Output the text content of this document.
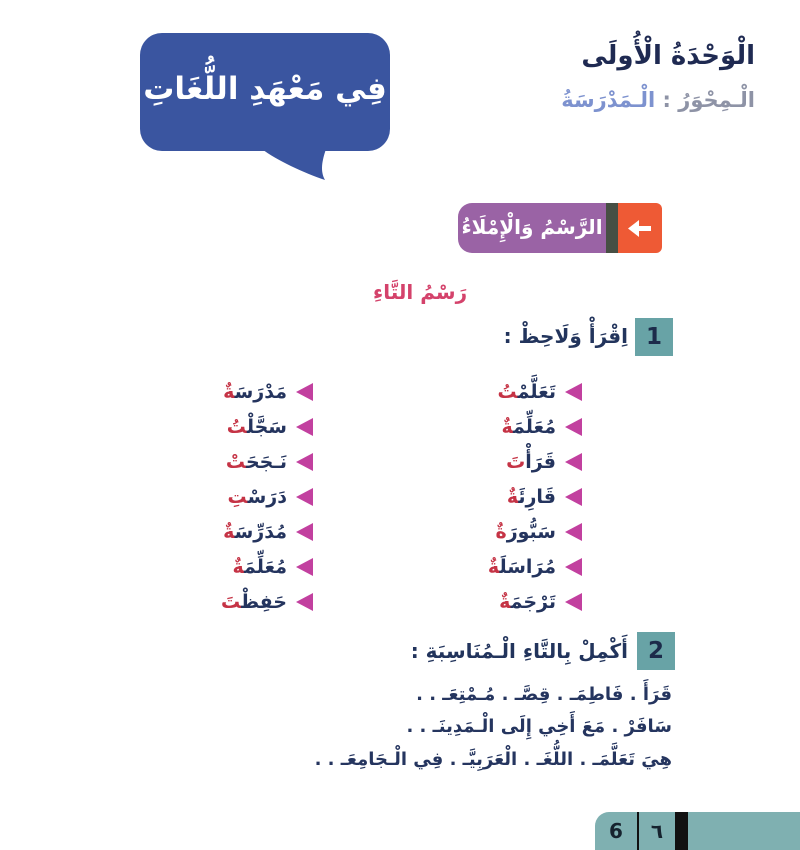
فِي مَعْهَدِ اللُّغَاتِ
الْوَحْدَةُ الْأُولَى
الْـمِحْوَرُ : الْـمَدْرَسَةُ
الرَّسْمُ وَالْإِمْلَاءُ
رَسْمُ التَّاءِ
1
اِقْرَأْ وَلَاحِظْ :
تَعَلَّمْ‍‍تُ
مُعَلِّمَ‍‍ةٌ
قَرَأْتَ
قَارِئَ‍‍ةٌ
سَبُّورَةٌ
مُرَاسَلَ‍‍ةٌ
تَرْجَمَ‍‍ةٌ
مَدْرَسَ‍‍ةٌ
سَجَّلْ‍‍تُ
نَـجَحَ‍‍تْ
دَرَسْ‍‍تِ
مُدَرِّسَ‍‍ةٌ
مُعَلِّمَ‍‍ةٌ
حَفِظْ‍‍تَ
2
أَكْمِلْ بِالتَّاءِ الْـمُنَاسِبَةِ :
قَرَأَ . فَاطِمَـ . قِصَّـ . مُـمْتِعَـ . .
سَافَرْ . مَعَ أَخِي إِلَى الْـمَدِينَـ . .
هِيَ تَعَلَّمَـ . اللُّغَـ . الْعَرَبِيَّـ . فِي الْـجَامِعَـ . .
6	٦
